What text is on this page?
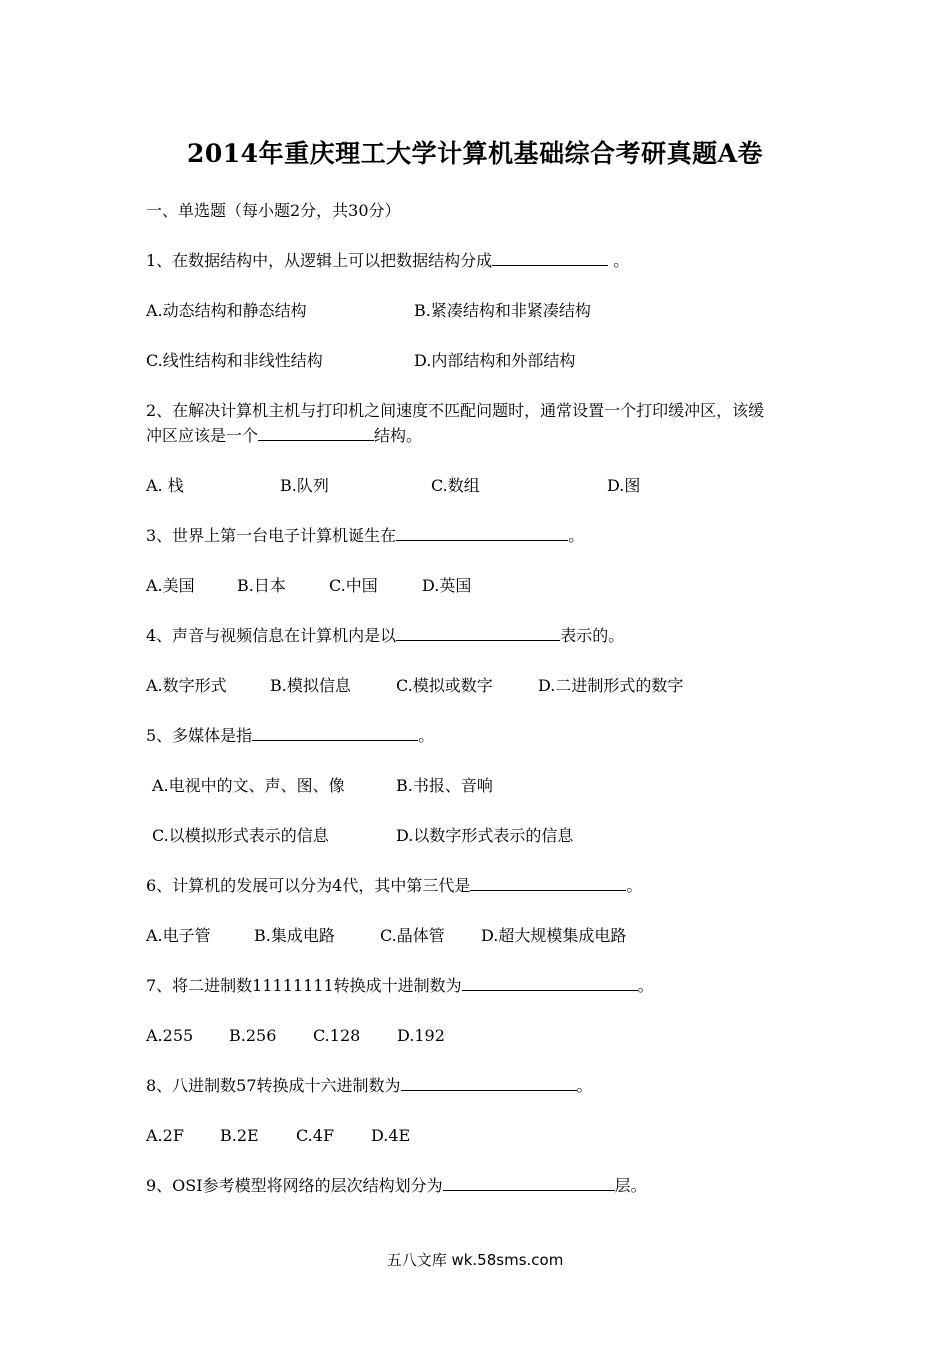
2014年重庆理工大学计算机基础综合考研真题A卷
一、单选题（每小题2分，共30分）
1、在数据结构中，从逻辑上可以把数据结构分成	。
A.动态结构和静态结构	B.紧凑结构和非紧凑结构
C.线性结构和非线性结构	D.内部结构和外部结构
2、在解决计算机主机与打印机之间速度不匹配问题时，通常设置一个打印缓冲区，该缓
冲区应该是一个	结构。
A. 栈	B.队列	C.数组	D.图
3、世界上第一台电子计算机诞生在	。
A.美国	B.日本	C.中国	D.英国
4、声音与视频信息在计算机内是以	表示的。
A.数字形式	B.模拟信息	C.模拟或数字	D.二进制形式的数字
5、多媒体是指	。
A.电视中的文、声、图、像	B.书报、音响
C.以模拟形式表示的信息	D.以数字形式表示的信息
6、计算机的发展可以分为4代，其中第三代是	。
A.电子管	B.集成电路	C.晶体管 D.超大规模集成电路
7、将二进制数11111111转换成十进制数为	。
A.255 B.256 C.128 D.192
8、八进制数57转换成十六进制数为	。
A.2F B.2E C.4F D.4E
9、OSI参考模型将网络的层次结构划分为	层。
五八文库 wk.58sms.com
